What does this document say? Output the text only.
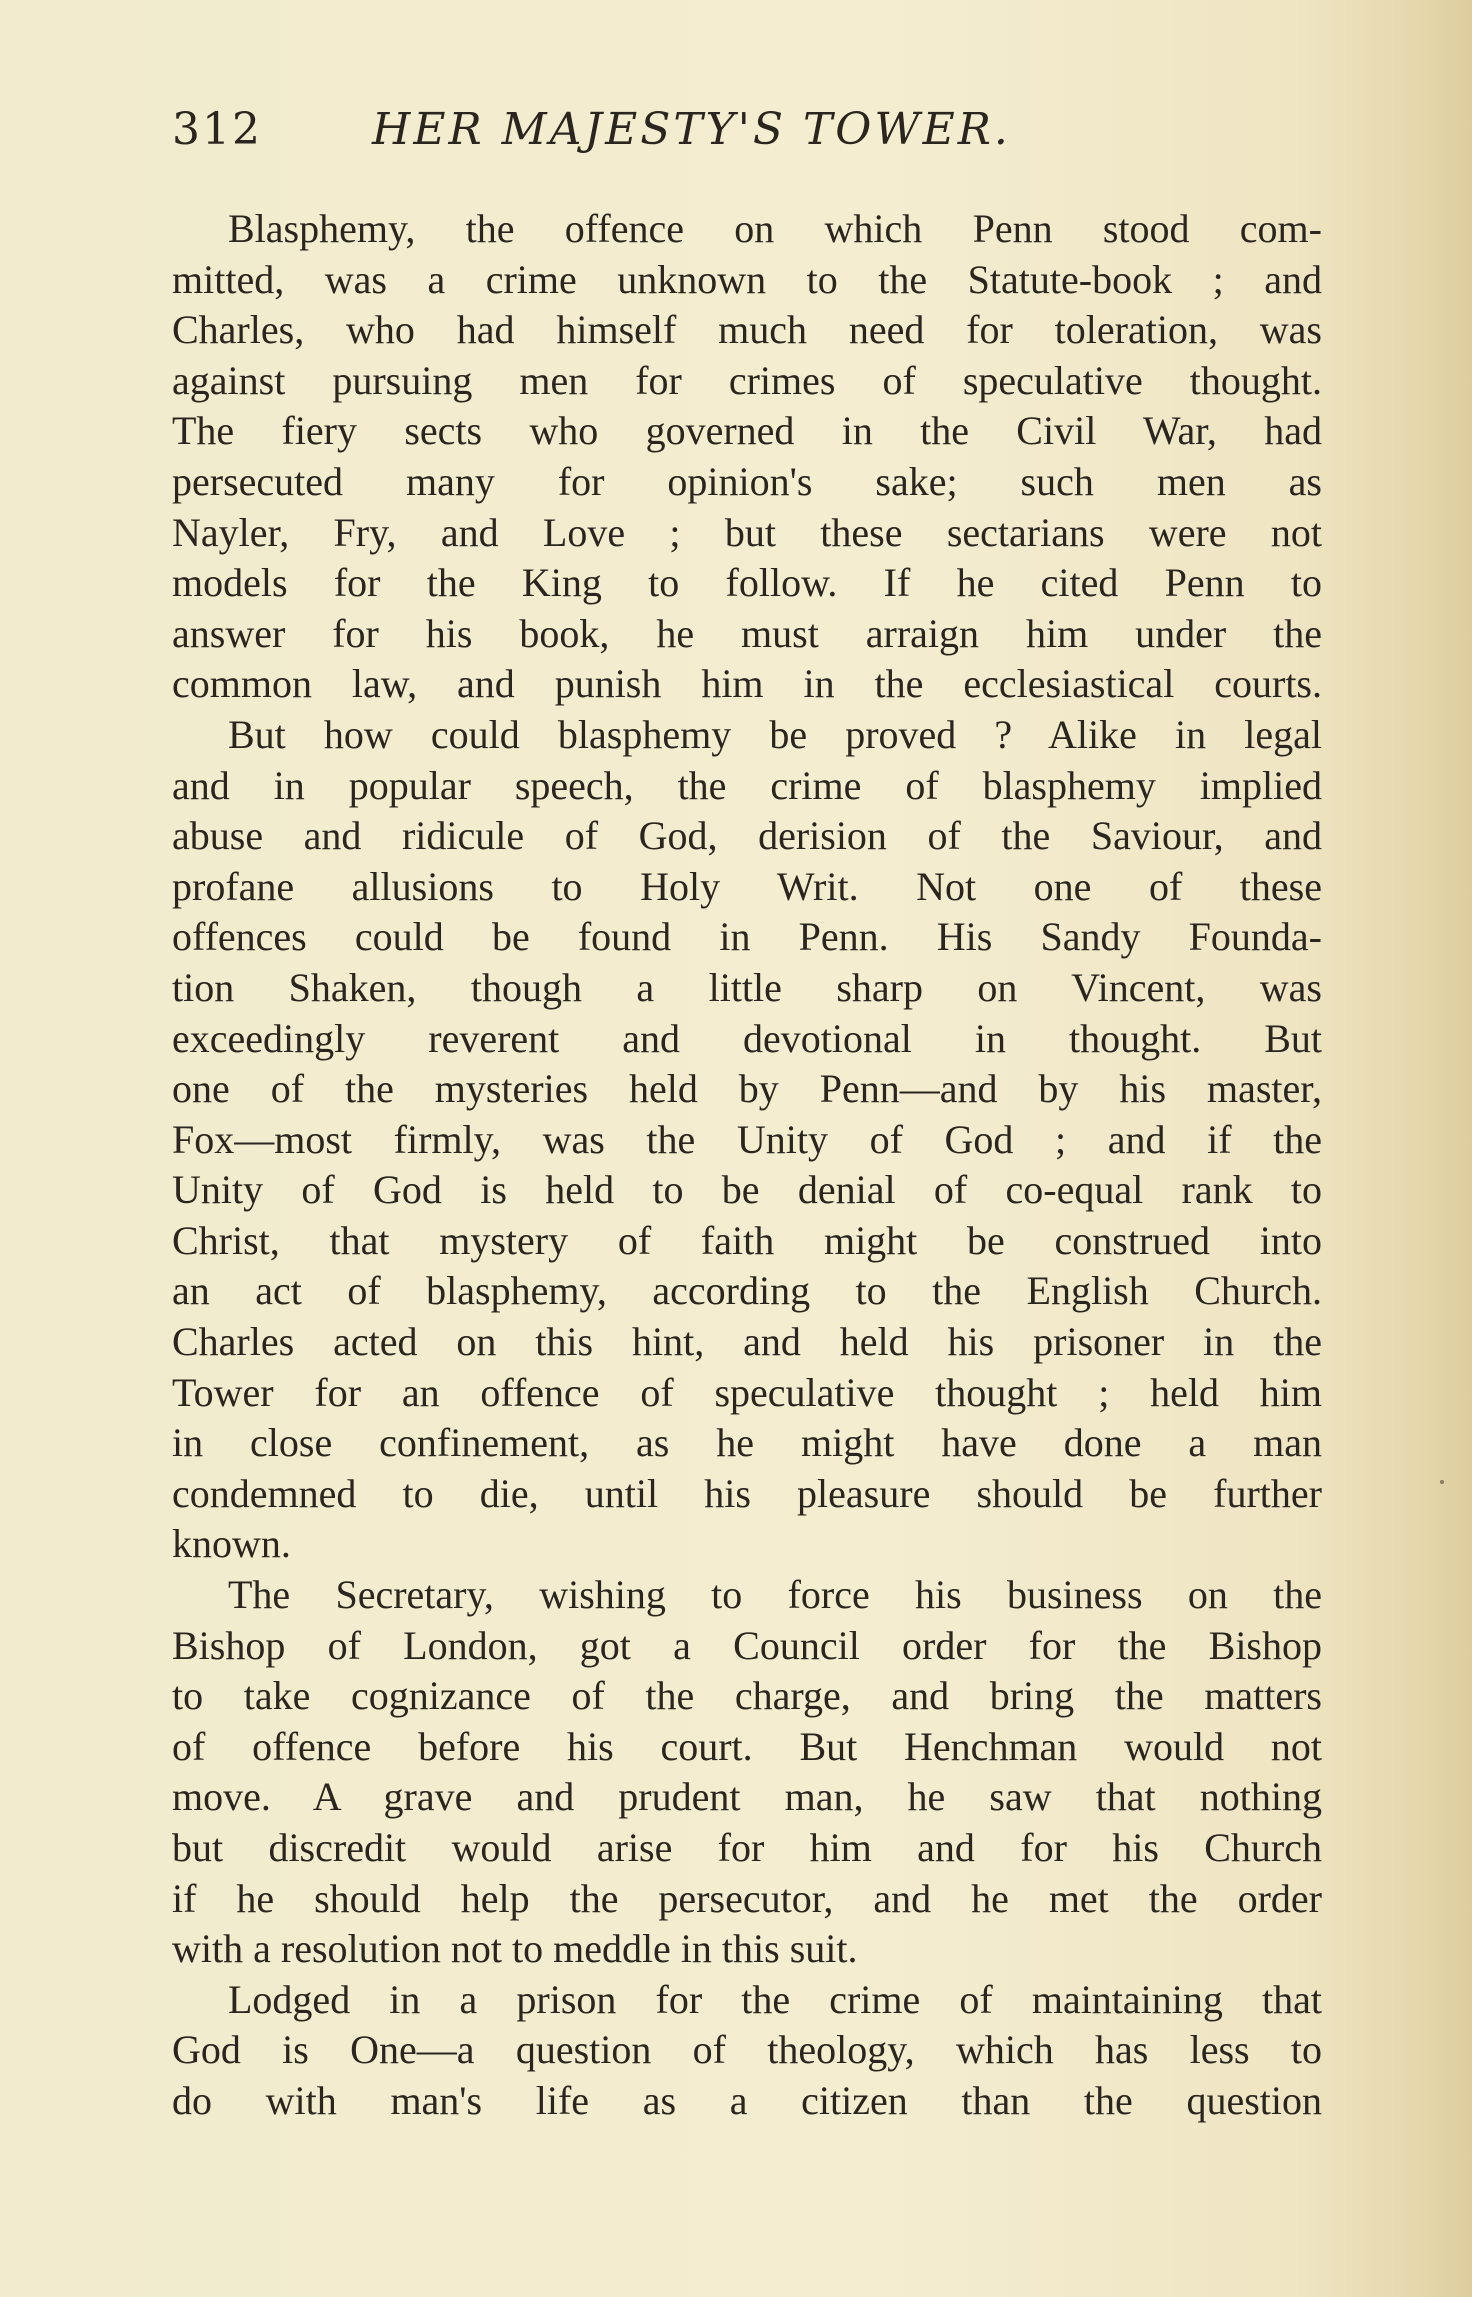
312	HER MAJESTY'S TOWER.
Blasphemy, the offence on which Penn stood com-
mitted, was a crime unknown to the Statute-book ; and
Charles, who had himself much need for toleration, was
against pursuing men for crimes of speculative thought.
The fiery sects who governed in the Civil War, had
persecuted many for opinion's sake; such men as
Nayler, Fry, and Love ; but these sectarians were not
models for the King to follow. If he cited Penn to
answer for his book, he must arraign him under the
common law, and punish him in the ecclesiastical courts.
But how could blasphemy be proved ? Alike in legal
and in popular speech, the crime of blasphemy implied
abuse and ridicule of God, derision of the Saviour, and
profane allusions to Holy Writ. Not one of these
offences could be found in Penn. His Sandy Founda-
tion Shaken, though a little sharp on Vincent, was
exceedingly reverent and devotional in thought. But
one of the mysteries held by Penn—and by his master,
Fox—most firmly, was the Unity of God ; and if the
Unity of God is held to be denial of co-equal rank to
Christ, that mystery of faith might be construed into
an act of blasphemy, according to the English Church.
Charles acted on this hint, and held his prisoner in the
Tower for an offence of speculative thought ; held him
in close confinement, as he might have done a man
condemned to die, until his pleasure should be further
known.
The Secretary, wishing to force his business on the
Bishop of London, got a Council order for the Bishop
to take cognizance of the charge, and bring the matters
of offence before his court. But Henchman would not
move. A grave and prudent man, he saw that nothing
but discredit would arise for him and for his Church
if he should help the persecutor, and he met the order
with a resolution not to meddle in this suit.
Lodged in a prison for the crime of maintaining that
God is One—a question of theology, which has less to
do with man's life as a citizen than the question
